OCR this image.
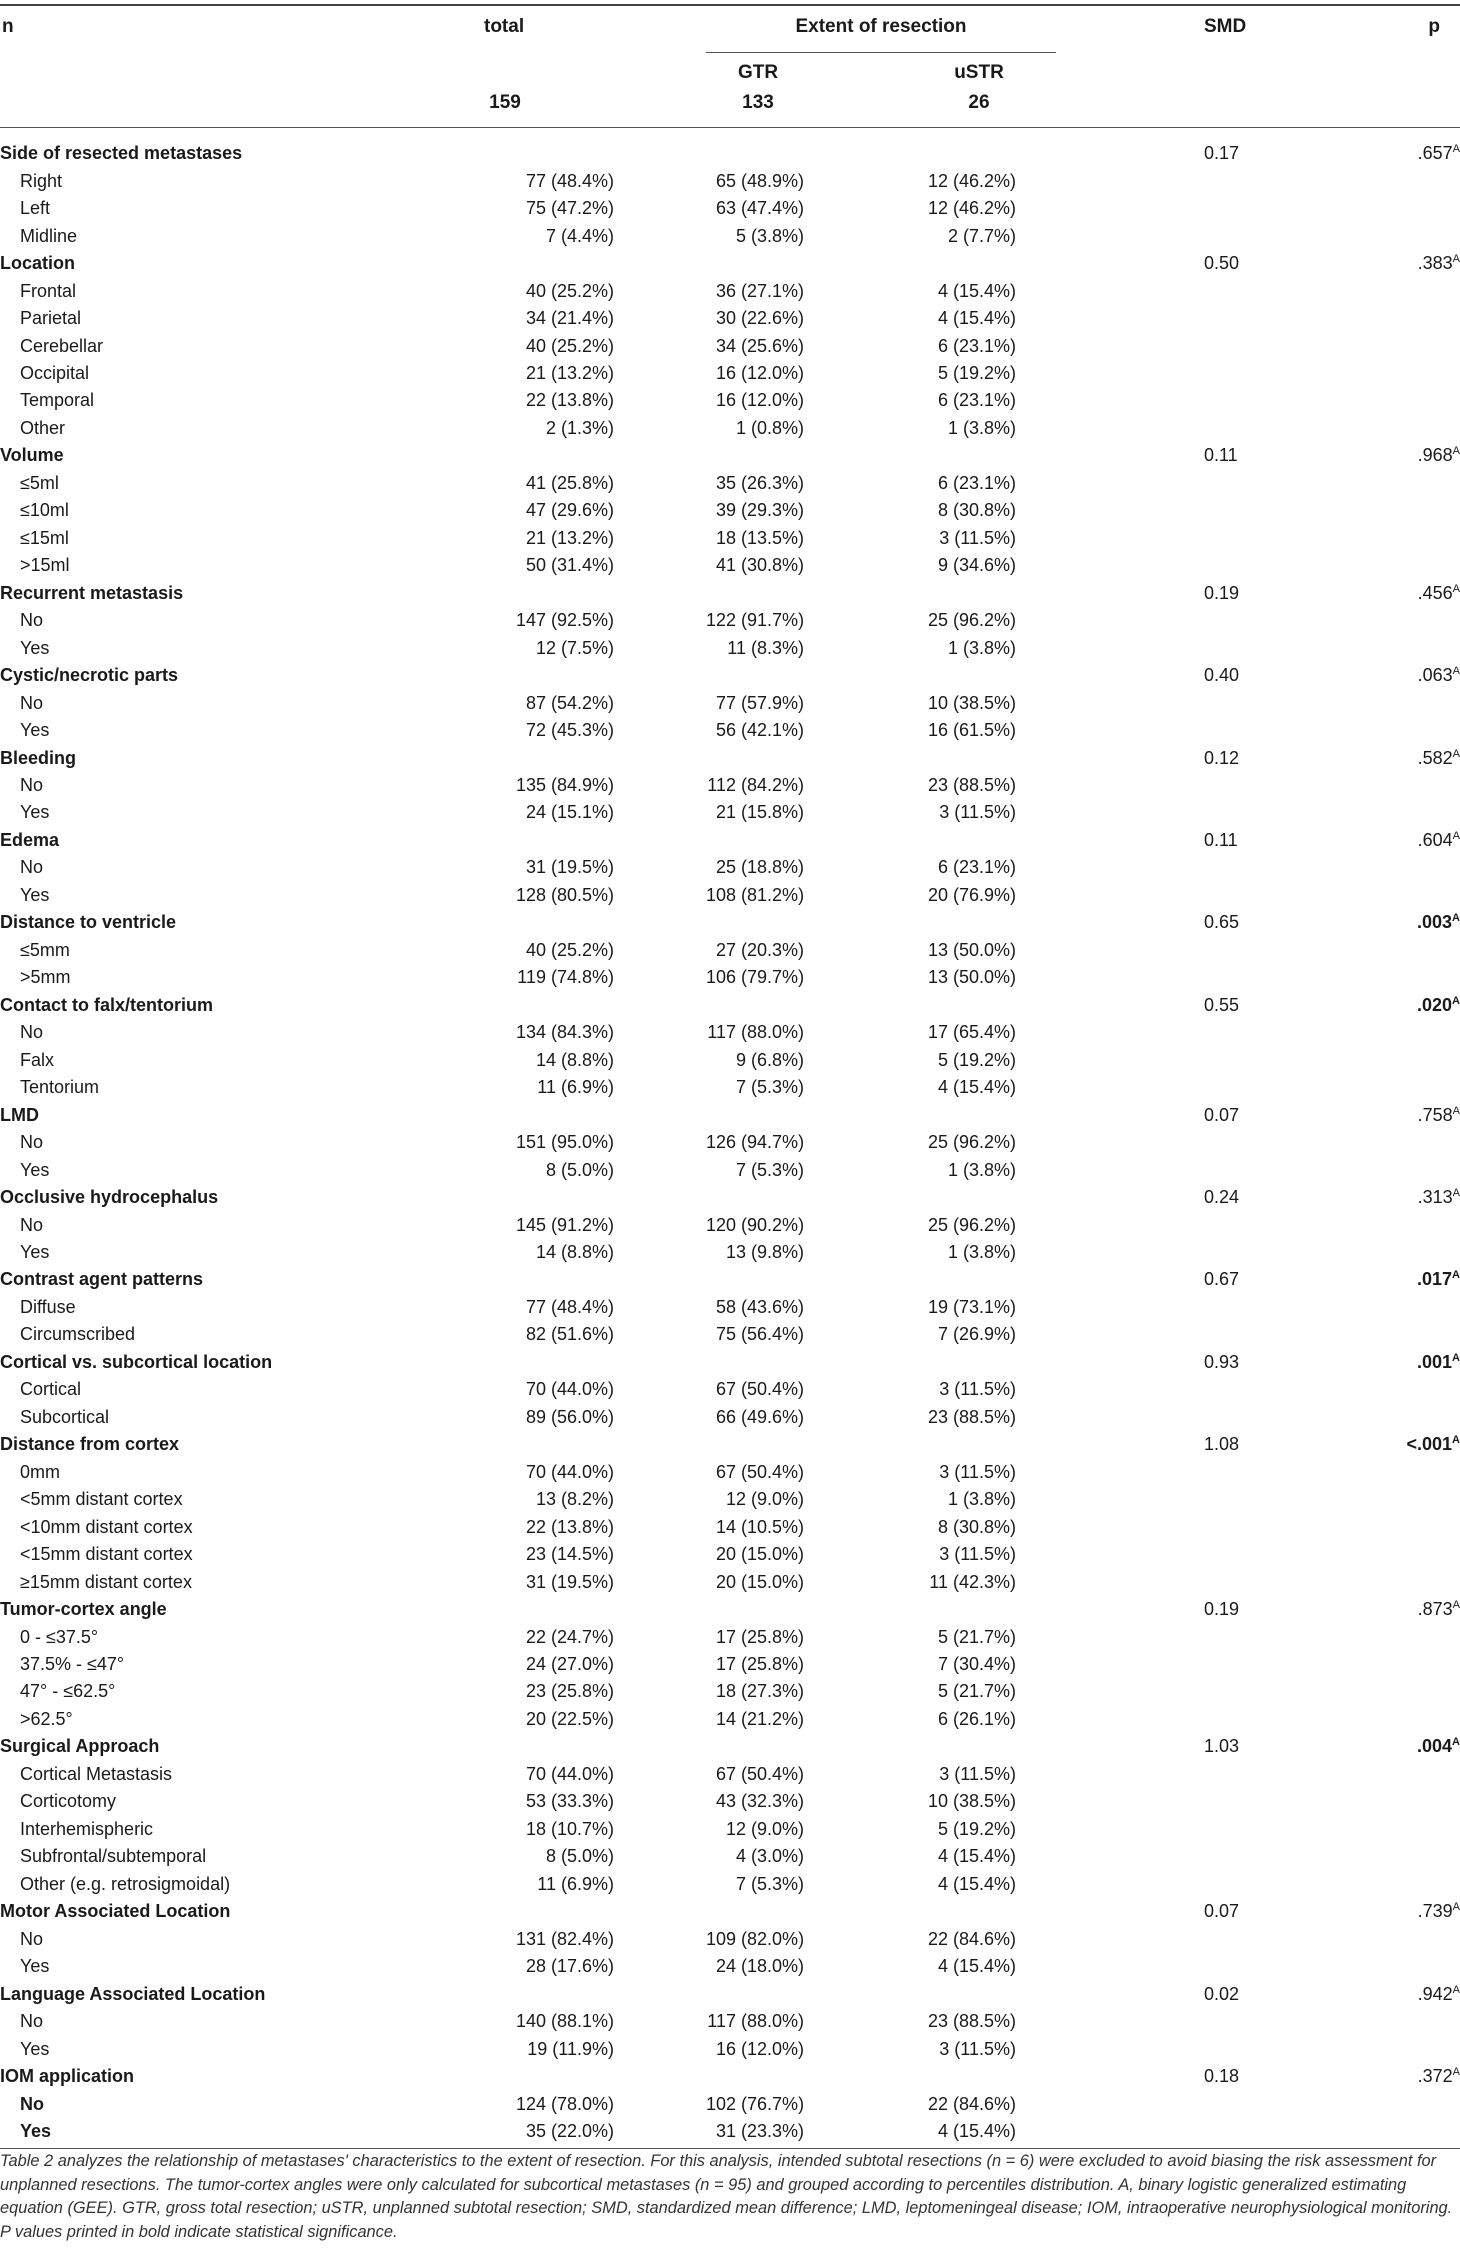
n	total	Extent of resection	SMD	p
GTR	uSTR
159	133	26
Side of resected metastases				0.17	$.657^A$
Right	77 (48.4%)	65 (48.9%)	12 (46.2%)		
Left	75 (47.2%)	63 (47.4%)	12 (46.2%)		
Midline	7 (4.4%)	5 (3.8%)	2 (7.7%)		
Location				0.50	$.383^A$
Frontal	40 (25.2%)	36 (27.1%)	4 (15.4%)		
Parietal	34 (21.4%)	30 (22.6%)	4 (15.4%)		
Cerebellar	40 (25.2%)	34 (25.6%)	6 (23.1%)		
Occipital	21 (13.2%)	16 (12.0%)	5 (19.2%)		
Temporal	22 (13.8%)	16 (12.0%)	6 (23.1%)		
Other	2 (1.3%)	1 (0.8%)	1 (3.8%)		
Volume				0.11	$.968^A$
≤5ml	41 (25.8%)	35 (26.3%)	6 (23.1%)		
≤10ml	47 (29.6%)	39 (29.3%)	8 (30.8%)		
≤15ml	21 (13.2%)	18 (13.5%)	3 (11.5%)		
>15ml	50 (31.4%)	41 (30.8%)	9 (34.6%)		
Recurrent metastasis				0.19	$.456^A$
No	147 (92.5%)	122 (91.7%)	25 (96.2%)		
Yes	12 (7.5%)	11 (8.3%)	1 (3.8%)		
Cystic/necrotic parts				0.40	$.063^A$
No	87 (54.2%)	77 (57.9%)	10 (38.5%)		
Yes	72 (45.3%)	56 (42.1%)	16 (61.5%)		
Bleeding				0.12	$.582^A$
No	135 (84.9%)	112 (84.2%)	23 (88.5%)		
Yes	24 (15.1%)	21 (15.8%)	3 (11.5%)		
Edema				0.11	$.604^A$
No	31 (19.5%)	25 (18.8%)	6 (23.1%)		
Yes	128 (80.5%)	108 (81.2%)	20 (76.9%)		
Distance to ventricle				0.65	$.003^A$
≤5mm	40 (25.2%)	27 (20.3%)	13 (50.0%)		
>5mm	119 (74.8%)	106 (79.7%)	13 (50.0%)		
Contact to falx/tentorium				0.55	$.020^A$
No	134 (84.3%)	117 (88.0%)	17 (65.4%)		
Falx	14 (8.8%)	9 (6.8%)	5 (19.2%)		
Tentorium	11 (6.9%)	7 (5.3%)	4 (15.4%)		
LMD				0.07	$.758^A$
No	151 (95.0%)	126 (94.7%)	25 (96.2%)		
Yes	8 (5.0%)	7 (5.3%)	1 (3.8%)		
Occlusive hydrocephalus				0.24	$.313^A$
No	145 (91.2%)	120 (90.2%)	25 (96.2%)		
Yes	14 (8.8%)	13 (9.8%)	1 (3.8%)		
Contrast agent patterns				0.67	$.017^A$
Diffuse	77 (48.4%)	58 (43.6%)	19 (73.1%)		
Circumscribed	82 (51.6%)	75 (56.4%)	7 (26.9%)		
Cortical vs. subcortical location				0.93	$.001^A$
Cortical	70 (44.0%)	67 (50.4%)	3 (11.5%)		
Subcortical	89 (56.0%)	66 (49.6%)	23 (88.5%)		
Distance from cortex				1.08	$<.001^A$
0mm	70 (44.0%)	67 (50.4%)	3 (11.5%)		
<5mm distant cortex	13 (8.2%)	12 (9.0%)	1 (3.8%)		
<10mm distant cortex	22 (13.8%)	14 (10.5%)	8 (30.8%)		
<15mm distant cortex	23 (14.5%)	20 (15.0%)	3 (11.5%)		
≥15mm distant cortex	31 (19.5%)	20 (15.0%)	11 (42.3%)		
Tumor-cortex angle				0.19	$.873^A$
0 - ≤37.5°	22 (24.7%)	17 (25.8%)	5 (21.7%)		
37.5% - ≤47°	24 (27.0%)	17 (25.8%)	7 (30.4%)		
47° - ≤62.5°	23 (25.8%)	18 (27.3%)	5 (21.7%)		
>62.5°	20 (22.5%)	14 (21.2%)	6 (26.1%)		
Surgical Approach				1.03	$.004^A$
Cortical Metastasis	70 (44.0%)	67 (50.4%)	3 (11.5%)		
Corticotomy	53 (33.3%)	43 (32.3%)	10 (38.5%)		
Interhemispheric	18 (10.7%)	12 (9.0%)	5 (19.2%)		
Subfrontal/subtemporal	8 (5.0%)	4 (3.0%)	4 (15.4%)		
Other (e.g. retrosigmoidal)	11 (6.9%)	7 (5.3%)	4 (15.4%)		
Motor Associated Location				0.07	$.739^A$
No	131 (82.4%)	109 (82.0%)	22 (84.6%)		
Yes	28 (17.6%)	24 (18.0%)	4 (15.4%)		
Language Associated Location				0.02	$.942^A$
No	140 (88.1%)	117 (88.0%)	23 (88.5%)		
Yes	19 (11.9%)	16 (12.0%)	3 (11.5%)		
IOM application				0.18	$.372^A$
No	124 (78.0%)	102 (76.7%)	22 (84.6%)		
Yes	35 (22.0%)	31 (23.3%)	4 (15.4%)		
Table 2 analyzes the relationship of metastases' characteristics to the extent of resection. For this analysis, intended subtotal resections (n = 6) were excluded to avoid biasing the risk assessment for unplanned resections. The tumor-cortex angles were only calculated for subcortical metastases (n = 95) and grouped according to percentiles distribution. A, binary logistic generalized estimating equation (GEE). GTR, gross total resection; uSTR, unplanned subtotal resection; SMD, standardized mean difference; LMD, leptomeningeal disease; IOM, intraoperative neurophysiological monitoring. P values printed in bold indicate statistical significance.
